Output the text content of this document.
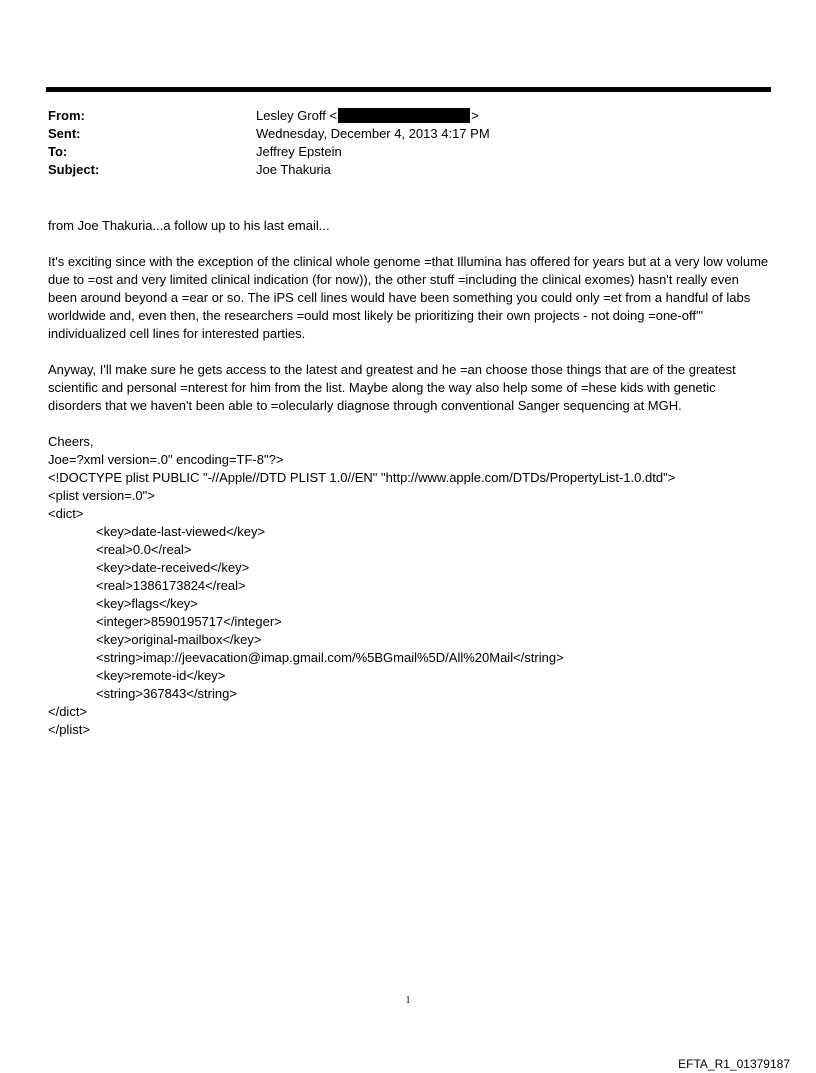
From:	Lesley Groff <	>
Sent:	Wednesday, December 4, 2013 4:17 PM
To:	Jeffrey Epstein
Subject:	Joe Thakuria

from Joe Thakuria...a follow up to his last email...

It's exciting since with the exception of the clinical whole genome =that Illumina has offered for years but at a very low volume due to =ost and very limited clinical indication (for now)), the other stuff =including the clinical exomes) hasn't really even been around beyond a =ear or so. The iPS cell lines would have been something you could only =et from a handful of labs worldwide and, even then, the researchers =ould most likely be prioritizing their own projects - not doing =one-off'" individualized cell lines for interested parties.

Anyway, I'll make sure he gets access to the latest and greatest and he =an choose those things that are of the greatest scientific and personal =nterest for him from the list. Maybe along the way also help some of =hese kids with genetic disorders that we haven't been able to =olecularly diagnose through conventional Sanger sequencing at MGH.

Cheers,
Joe=?xml version=.0" encoding=TF-8"?>
<!DOCTYPE plist PUBLIC "-//Apple//DTD PLIST 1.0//EN" "http://www.apple.com/DTDs/PropertyList-1.0.dtd">
<plist version=.0">
<dict>
<key>date-last-viewed</key>
<real>0.0</real>
<key>date-received</key>
<real>1386173824</real>
<key>flags</key>
<integer>8590195717</integer>
<key>original-mailbox</key>
<string>imap://jeevacation@imap.gmail.com/%5BGmail%5D/All%20Mail</string>
<key>remote-id</key>
<string>367843</string>
</dict>
</plist>
1
EFTA_R1_01379187
